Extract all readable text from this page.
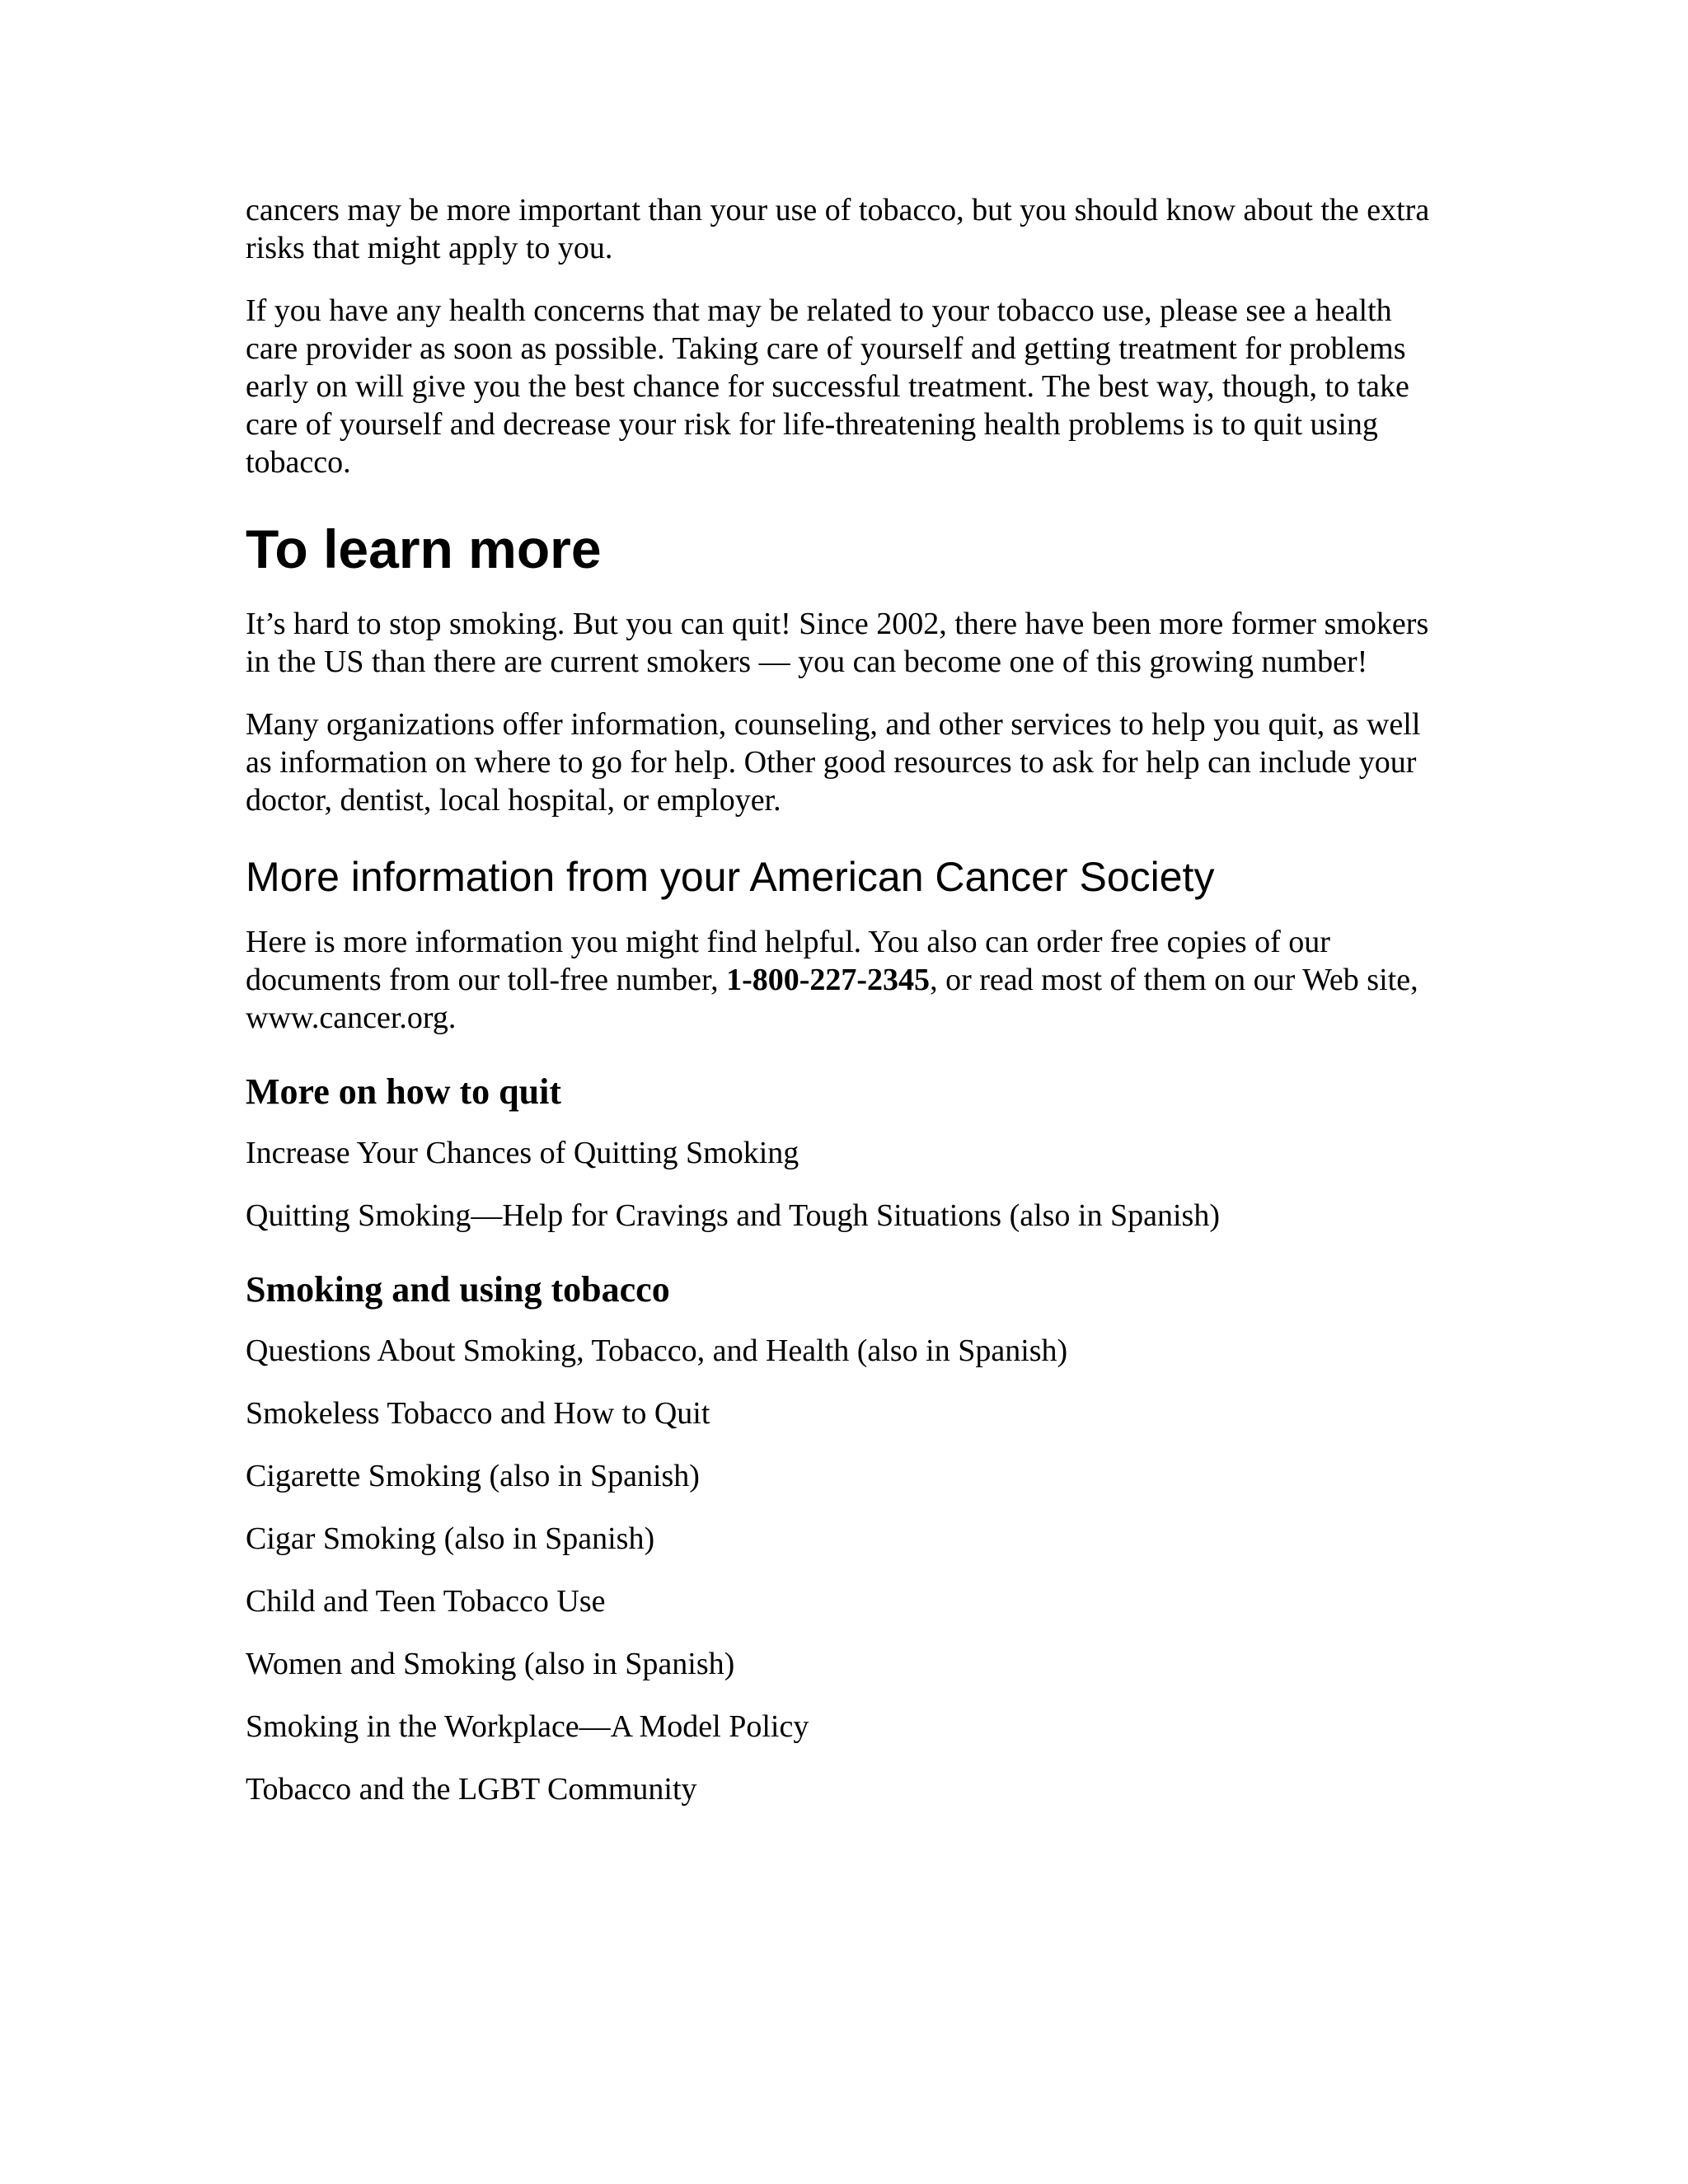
cancers may be more important than your use of tobacco, but you should know about the extra risks that might apply to you.

If you have any health concerns that may be related to your tobacco use, please see a health care provider as soon as possible. Taking care of yourself and getting treatment for problems early on will give you the best chance for successful treatment. The best way, though, to take care of yourself and decrease your risk for life-threatening health problems is to quit using tobacco.

To learn more

It’s hard to stop smoking. But you can quit! Since 2002, there have been more former smokers in the US than there are current smokers — you can become one of this growing number!

Many organizations offer information, counseling, and other services to help you quit, as well as information on where to go for help. Other good resources to ask for help can include your doctor, dentist, local hospital, or employer.

More information from your American Cancer Society

Here is more information you might find helpful. You also can order free copies of our documents from our toll-free number, 1-800-227-2345, or read most of them on our Web site, www.cancer.org.

More on how to quit
Increase Your Chances of Quitting Smoking
Quitting Smoking—Help for Cravings and Tough Situations (also in Spanish)
Smoking and using tobacco
Questions About Smoking, Tobacco, and Health (also in Spanish)
Smokeless Tobacco and How to Quit
Cigarette Smoking (also in Spanish)
Cigar Smoking (also in Spanish)
Child and Teen Tobacco Use
Women and Smoking (also in Spanish)
Smoking in the Workplace—A Model Policy
Tobacco and the LGBT Community
